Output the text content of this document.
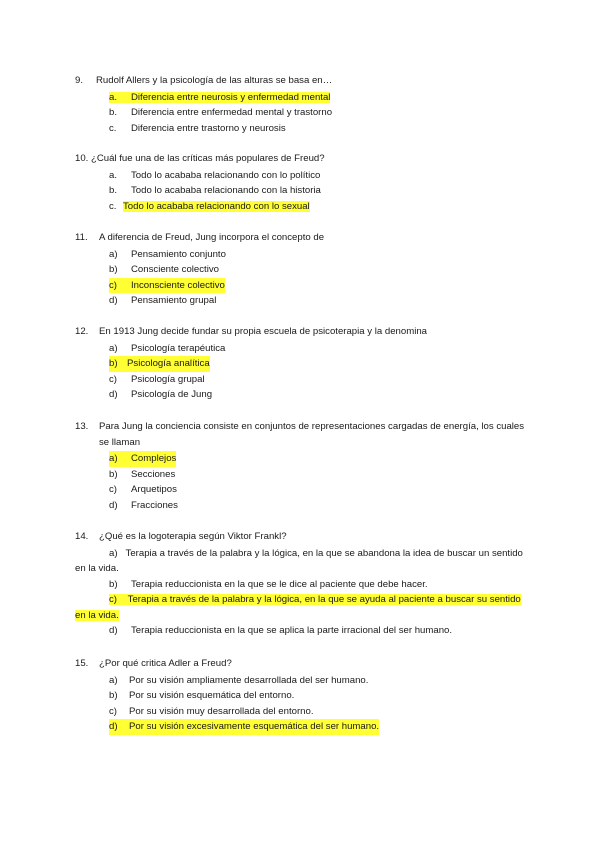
9.	Rudolf Allers y la psicología de las alturas se basa en…
a.	Diferencia entre neurosis y enfermedad mental
b.	Diferencia entre enfermedad mental y trastorno
c.	Diferencia entre trastorno y neurosis
10. ¿Cuál fue una de las críticas más populares de Freud?
a.	Todo lo acababa relacionando con lo político
b.	Todo lo acababa relacionando con la historia
c. Todo lo acababa relacionando con lo sexual
11.	A diferencia de Freud, Jung incorpora el concepto de
a)	Pensamiento conjunto
b)	Consciente colectivo
c)	Inconsciente colectivo
d)	Pensamiento grupal
12.	En 1913 Jung decide fundar su propia escuela de psicoterapia y la denomina
a)	Psicología terapéutica
b) Psicología analítica
c)	Psicología grupal
d)	Psicología de Jung
13.	Para Jung la conciencia consiste en conjuntos de representaciones cargadas de energía, los cuales se llaman
a)	Complejos
b)	Secciones
c)	Arquetipos
d)	Fracciones
14.	¿Qué es la logoterapia según Viktor Frankl?
a) Terapia a través de la palabra y la lógica, en la que se abandona la idea de buscar un sentido en la vida.
b)	Terapia reduccionista en la que se le dice al paciente que debe hacer.
c) Terapia a través de la palabra y la lógica, en la que se ayuda al paciente a buscar su sentido en la vida.
d)	Terapia reduccionista en la que se aplica la parte irracional del ser humano.
15.	¿Por qué critica Adler a Freud?
a)	Por su visión ampliamente desarrollada del ser humano.
b)	Por su visión esquemática del entorno.
c)	Por su visión muy desarrollada del entorno.
d)	Por su visión excesivamente esquemática del ser humano.
